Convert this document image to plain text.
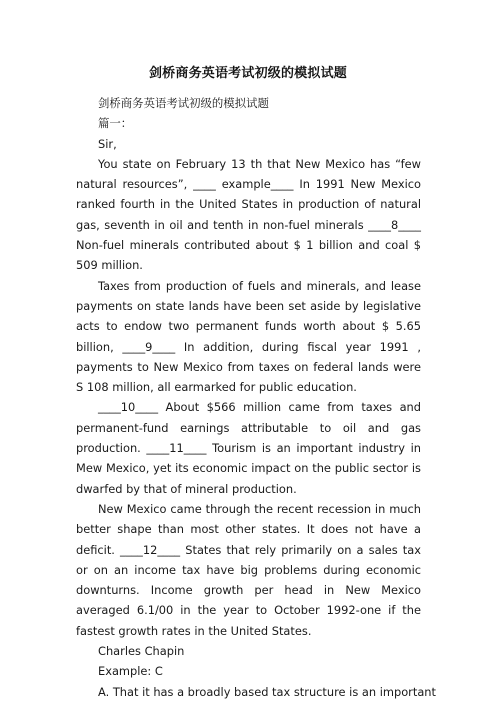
剑桥商务英语考试初级的模拟试题

剑桥商务英语考试初级的模拟试题

篇一：

Sir,

You state on February 13 th that New Mexico has “few natural resources”, ____ example____ In 1991 New Mexico ranked fourth in the United States in production of natural gas, seventh in oil and tenth in non-fuel minerals ____8____ Non-fuel minerals contributed about $ 1 billion and coal $ 509 million.

Taxes from production of fuels and minerals, and lease payments on state lands have been set aside by legislative acts to endow two permanent funds worth about $ 5.65 billion, ____9____ In addition, during fiscal year 1991 , payments to New Mexico from taxes on federal lands were S 108 million, all earmarked for public education.

____10____ About $566 million came from taxes and permanent-fund earnings attributable to oil and gas production. ____11____ Tourism is an important industry in Mew Mexico, yet its economic impact on the public sector is dwarfed by that of mineral production.

New Mexico came through the recent recession in much better shape than most other states. It does not have a deficit. ____12____ States that rely primarily on a sales tax or on an income tax have big problems during economic downturns. Income growth per head in New Mexico averaged 6.1/00 in the year to October 1992-one if the fastest growth rates in the United States.

Charles Chapin

Example: C

A. That it has a broadly based tax structure is an important
